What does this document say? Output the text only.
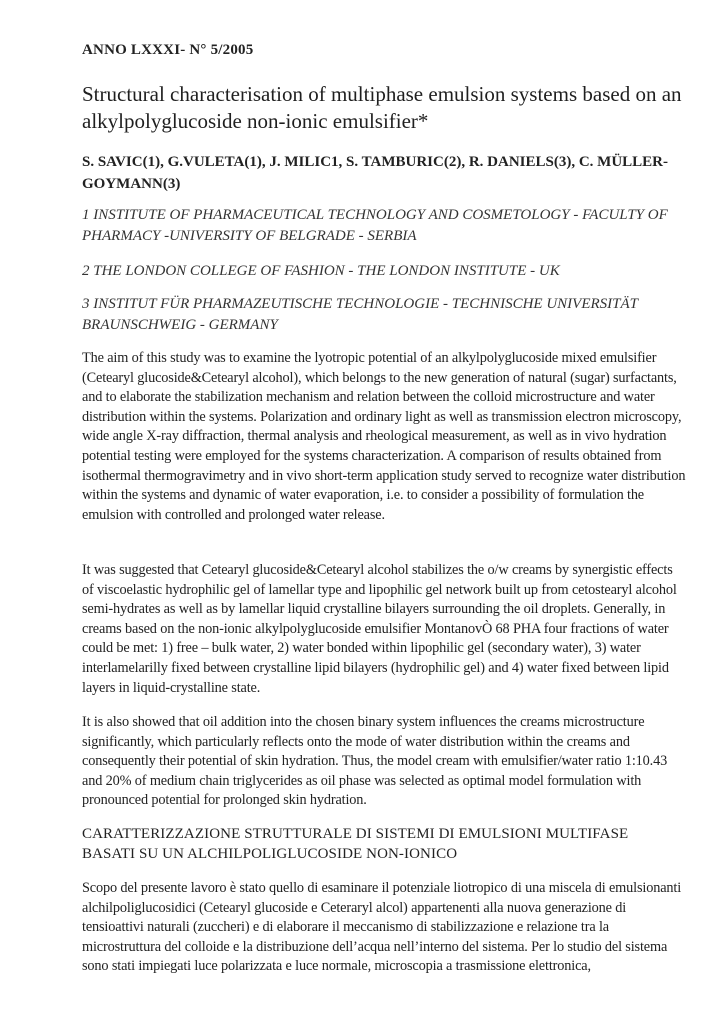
ANNO LXXXI- N° 5/2005
Structural characterisation of multiphase emulsion systems based on an alkylpolyglucoside non-ionic emulsifier*
S. SAVIC(1), G.VULETA(1), J. MILIC1, S. TAMBURIC(2), R. DANIELS(3), C. MÜLLER-GOYMANN(3)
1 INSTITUTE OF PHARMACEUTICAL TECHNOLOGY AND COSMETOLOGY - FACULTY OF PHARMACY -UNIVERSITY OF BELGRADE - SERBIA
2 THE LONDON COLLEGE OF FASHION - THE LONDON INSTITUTE - UK
3 INSTITUT FÜR PHARMAZEUTISCHE TECHNOLOGIE - TECHNISCHE UNIVERSITÄT BRAUNSCHWEIG - GERMANY
The aim of this study was to examine the lyotropic potential of an alkylpolyglucoside mixed emulsifier (Cetearyl glucoside&Cetearyl alcohol), which belongs to the new generation of natural (sugar) surfactants, and to elaborate the stabilization mechanism and relation between the colloid microstructure and water distribution within the systems. Polarization and ordinary light as well as transmission electron microscopy, wide angle X-ray diffraction, thermal analysis and rheological measurement, as well as in vivo hydration potential testing were employed for the systems characterization. A comparison of results obtained from isothermal thermogravimetry and in vivo short-term application study served to recognize water distribution within the systems and dynamic of water evaporation, i.e. to consider a possibility of formulation the emulsion with controlled and prolonged water release.
It was suggested that Cetearyl glucoside&Cetearyl alcohol stabilizes the o/w creams by synergistic effects of viscoelastic hydrophilic gel of lamellar type and lipophilic gel network built up from cetostearyl alcohol semi-hydrates as well as by lamellar liquid crystalline bilayers surrounding the oil droplets. Generally, in creams based on the non-ionic alkylpolyglucoside emulsifier MontanovÒ 68 PHA four fractions of water could be met: 1) free – bulk water, 2) water bonded within lipophilic gel (secondary water), 3) water interlamelarilly fixed between crystalline lipid bilayers (hydrophilic gel) and 4) water fixed between lipid layers in liquid-crystalline state.
It is also showed that oil addition into the chosen binary system influences the creams microstructure significantly, which particularly reflects onto the mode of water distribution within the creams and consequently their potential of skin hydration. Thus, the model cream with emulsifier/water ratio 1:10.43 and 20% of medium chain triglycerides as oil phase was selected as optimal model formulation with pronounced potential for prolonged skin hydration.
CARATTERIZZAZIONE STRUTTURALE DI SISTEMI DI EMULSIONI MULTIFASE BASATI SU UN ALCHILPOLIGLUCOSIDE NON-IONICO
Scopo del presente lavoro è stato quello di esaminare il potenziale liotropico di una miscela di emulsionanti alchilpoliglucosidici (Cetearyl glucoside e Ceteraryl alcol) appartenenti alla nuova generazione di tensioattivi naturali (zuccheri) e di elaborare il meccanismo di stabilizzazione e relazione tra la microstruttura del colloide e la distribuzione dell’acqua nell’interno del sistema. Per lo studio del sistema sono stati impiegati luce polarizzata e luce normale, microscopia a trasmissione elettronica,
